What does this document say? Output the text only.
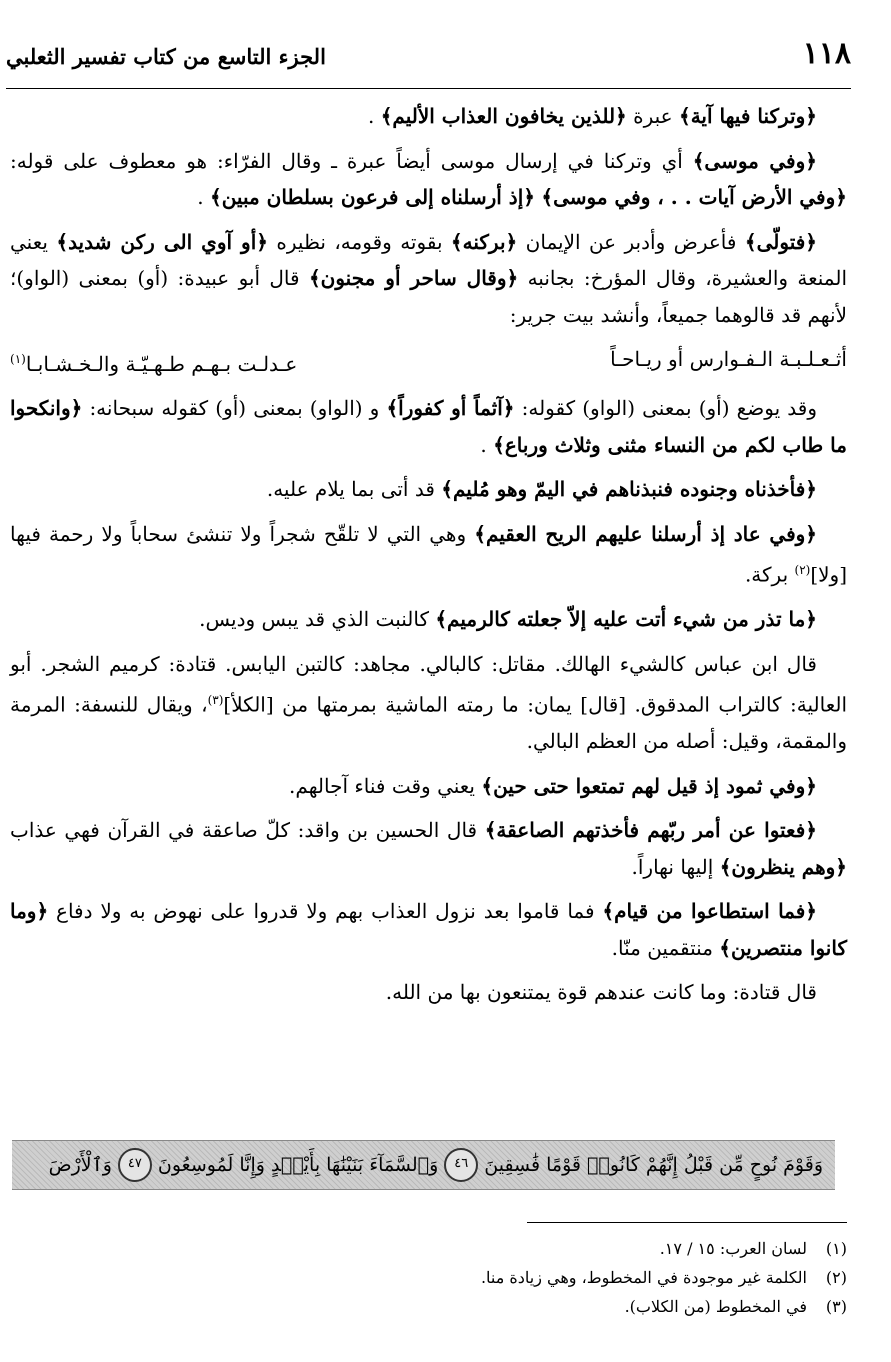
١١٨
الجزء التاسع من كتاب تفسير الثعلبي

﴿وتركنا فيها آية﴾ عبرة ﴿للذين يخافون العذاب الأليم﴾ .

﴿وفي موسى﴾ أي وتركنا في إرسال موسى أيضاً عبرة ـ وقال الفرّاء: هو معطوف على قوله: ﴿وفي الأرض آيات . . ، وفي موسى﴾ ﴿إذ أرسلناه إلى فرعون بسلطان مبين﴾ .

﴿فتولّى﴾ فأعرض وأدبر عن الإيمان ﴿بركنه﴾ بقوته وقومه، نظيره ﴿أو آوي الى ركن شديد﴾ يعني المنعة والعشيرة، وقال المؤرخ: بجانبه ﴿وقال ساحر أو مجنون﴾ قال أبو عبيدة: (أو) بمعنى (الواو)؛ لأنهم قد قالوهما جميعاً، وأنشد بيت جرير:

أثـعـلـبـة الـفـوارس أو ريـاحـاً
عـدلـت بـهـم طـهـيّـة والـخـشـابـا$^{(١)}$

وقد يوضع (أو) بمعنى (الواو) كقوله: ﴿آثماً أو كفوراً﴾ و (الواو) بمعنى (أو) كقوله سبحانه: ﴿وانكحوا ما طاب لكم من النساء مثنى وثلاث ورباع﴾ .

﴿فأخذناه وجنوده فنبذناهم في اليمّ وهو مُليم﴾ قد أتى بما يلام عليه.

﴿وفي عاد إذ أرسلنا عليهم الريح العقيم﴾ وهي التي لا تلقّح شجراً ولا تنشئ سحاباً ولا رحمة فيها [ولا]$^{(٢)}$ بركة.

﴿ما تذر من شيء أتت عليه إلاّ جعلته كالرميم﴾ كالنبت الذي قد يبس وديس.

قال ابن عباس كالشيء الهالك. مقاتل: كالبالي. مجاهد: كالتبن اليابس. قتادة: كرميم الشجر. أبو العالية: كالتراب المدقوق. [قال] يمان: ما رمته الماشية بمرمتها من [الكلأ]$^{(٣)}$، ويقال للنسفة: المرمة والمقمة، وقيل: أصله من العظم البالي.

﴿وفي ثمود إذ قيل لهم تمتعوا حتى حين﴾ يعني وقت فناء آجالهم.

﴿فعتوا عن أمر ربّهم فأخذتهم الصاعقة﴾ قال الحسين بن واقد: كلّ صاعقة في القرآن فهي عذاب ﴿وهم ينظرون﴾ إليها نهاراً.

﴿فما استطاعوا من قيام﴾ فما قاموا بعد نزول العذاب بهم ولا قدروا على نهوض به ولا دفاع ﴿وما كانوا منتصرين﴾ منتقمين منّا.

قال قتادة: وما كانت عندهم قوة يمتنعون بها من الله.

وَقَوْمَ نُوحٍ مِّن قَبْلُ إِنَّهُمْ كَانُوا۟ قَوْمًا فَٰسِقِينَ
٤٦
وَٱلسَّمَآءَ بَنَيْنَٰهَا بِأَيْي۟دٍ وَإِنَّا لَمُوسِعُونَ
٤٧
وَٱلْأَرْضَ
(١)
لسان العرب: ١٥ / ١٧.
(٢)
الكلمة غير موجودة في المخطوط، وهي زيادة منا.
(٣)
في المخطوط (من الكلاب).
